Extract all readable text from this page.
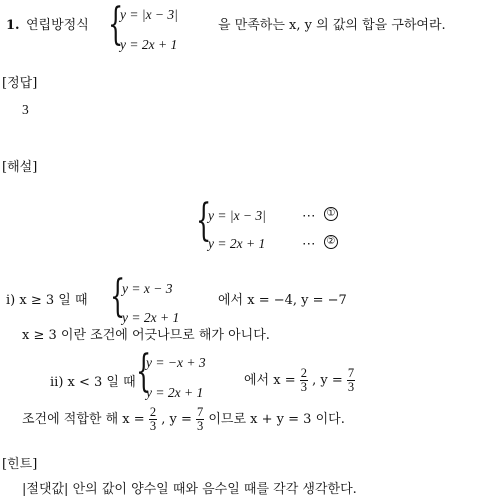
1. 연립방정식 {
y = |x − 3|
y = 2x + 1
을 만족하는 x, y 의 값의 합을 구하여라.
[정답]
3
[해설]
{
y = |x − 3|	⋯ ①
y = 2x + 1	⋯ ②
ⅰ) x ≥ 3 일 때 {
y = x − 3
y = 2x + 1
에서 x = −4, y = −7
x ≥ 3 이란 조건에 어긋나므로 해가 아니다.
ⅱ) x < 3 일 때 {
y = −x + 3
y = 2x + 1
에서 $x = \frac{2}{3}$ , $y = \frac{7}{3}$
조건에 적합한 해 $x = \frac{2}{3}$ , $y = \frac{7}{3}$ 이므로 x + y = 3 이다.
[힌트]
|절댓값| 안의 값이 양수일 때와 음수일 때를 각각 생각한다.
